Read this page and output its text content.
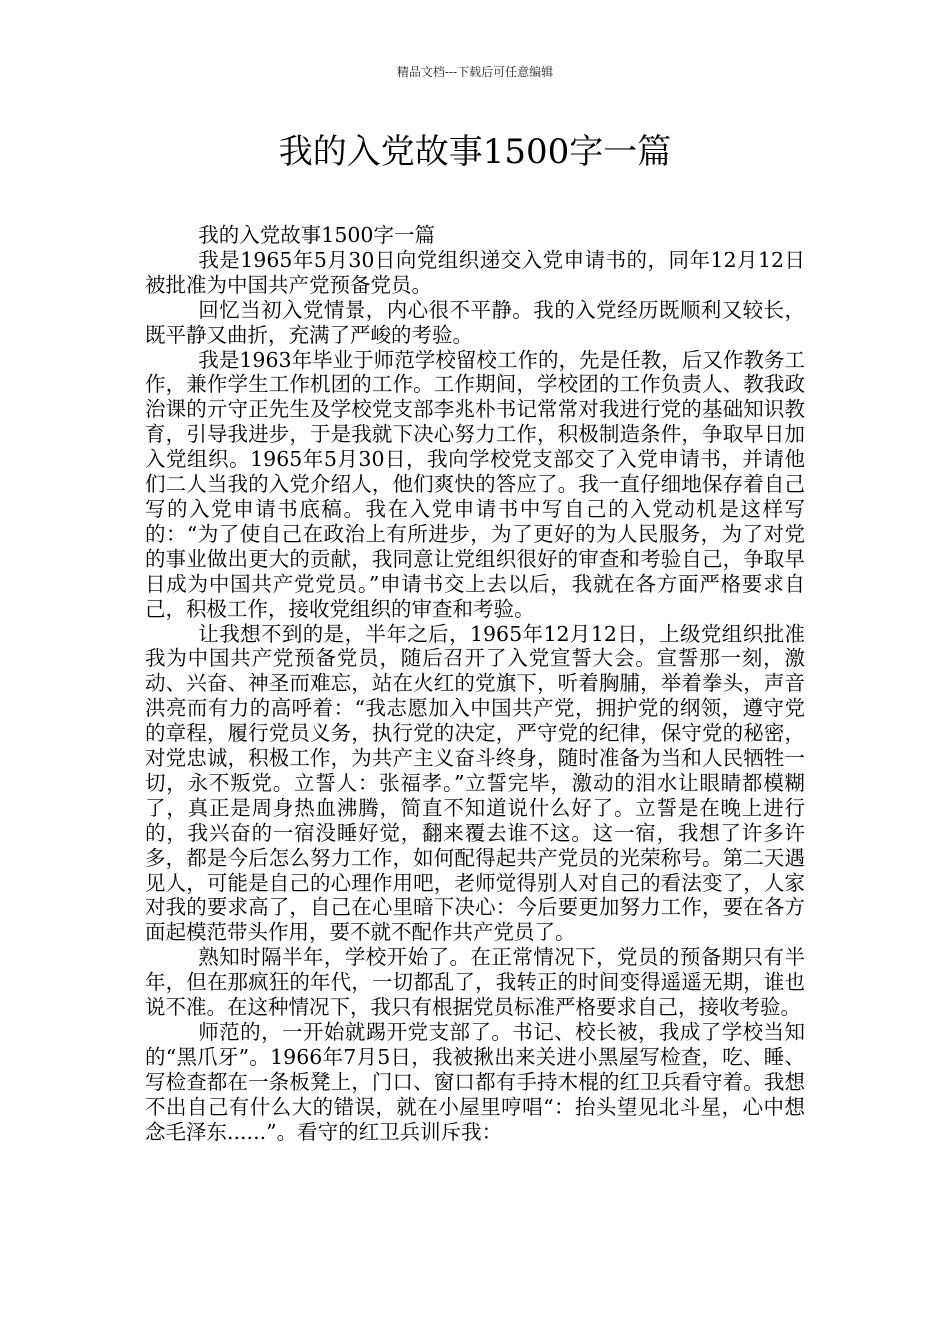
精品文档---下载后可任意编辑
我的入党故事1500字一篇

我的入党故事1500字一篇

我是1965年5月30日向党组织递交入党申请书的，同年12月12日被批准为中国共产党预备党员。

回忆当初入党情景，内心很不平静。我的入党经历既顺利又较长，既平静又曲折，充满了严峻的考验。

我是1963年毕业于师范学校留校工作的，先是任教，后又作教务工作，兼作学生工作机团的工作。工作期间，学校团的工作负责人、教我政治课的亓守正先生及学校党支部李兆朴书记常常对我进行党的基础知识教育，引导我进步，于是我就下决心努力工作，积极制造条件，争取早日加入党组织。1965年5月30日，我向学校党支部交了入党申请书，并请他们二人当我的入党介绍人，他们爽快的答应了。我一直仔细地保存着自己写的入党申请书底稿。我在入党申请书中写自己的入党动机是这样写的：“为了使自己在政治上有所进步，为了更好的为人民服务，为了对党的事业做出更大的贡献，我同意让党组织很好的审查和考验自己，争取早日成为中国共产党党员。”申请书交上去以后，我就在各方面严格要求自己，积极工作，接收党组织的审查和考验。

让我想不到的是，半年之后，1965年12月12日，上级党组织批准我为中国共产党预备党员，随后召开了入党宣誓大会。宣誓那一刻，激动、兴奋、神圣而难忘，站在火红的党旗下，听着胸脯，举着拳头，声音洪亮而有力的高呼着：“我志愿加入中国共产党，拥护党的纲领，遵守党的章程，履行党员义务，执行党的决定，严守党的纪律，保守党的秘密，对党忠诚，积极工作，为共产主义奋斗终身，随时准备为当和人民牺牲一切，永不叛党。立誓人：张福孝。”立誓完毕，激动的泪水让眼睛都模糊了，真正是周身热血沸腾，简直不知道说什么好了。立誓是在晚上进行的，我兴奋的一宿没睡好觉，翻来覆去谁不这。这一宿，我想了许多许多，都是今后怎么努力工作，如何配得起共产党员的光荣称号。第二天遇见人，可能是自己的心理作用吧，老师觉得别人对自己的看法变了，人家对我的要求高了，自己在心里暗下决心：今后要更加努力工作，要在各方面起模范带头作用，要不就不配作共产党员了。

熟知时隔半年，学校开始了。在正常情况下，党员的预备期只有半年，但在那疯狂的年代，一切都乱了，我转正的时间变得遥遥无期，谁也说不准。在这种情况下，我只有根据党员标准严格要求自己，接收考验。

师范的，一开始就踢开党支部了。书记、校长被，我成了学校当知的“黑爪牙”。1966年7月5日，我被揪出来关进小黑屋写检查，吃、睡、写检查都在一条板凳上，门口、窗口都有手持木棍的红卫兵看守着。我想不出自己有什么大的错误，就在小屋里哼唱“：抬头望见北斗星，心中想念毛泽东......”。看守的红卫兵训斥我：
